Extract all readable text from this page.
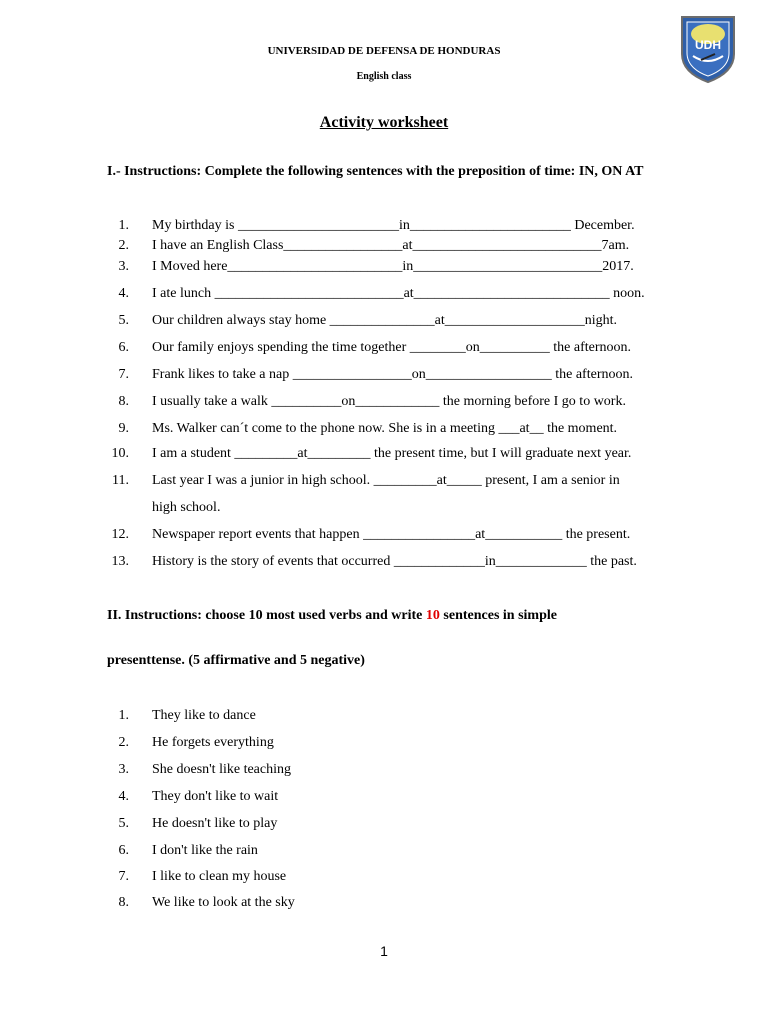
UNIVERSIDAD DE DEFENSA DE HONDURAS
English class
UDH
Activity worksheet
I.- Instructions: Complete the following sentences with the preposition of time: IN, ON AT
1. My birthday is _______________________in_______________________ December.
2. I have an English Class_________________at___________________________7am.
3. I Moved here_________________________in___________________________2017.
4. I ate lunch ___________________________at____________________________ noon.
5. Our children always stay home _______________at____________________night.
6. Our family enjoys spending the time together ________on__________ the afternoon.
7. Frank likes to take a nap _________________on__________________ the afternoon.
8. I usually take a walk __________on____________ the morning before I go to work.
9. Ms. Walker can´t come to the phone now. She is in a meeting ___at__ the moment.
10. I am a student _________at_________ the present time, but I will graduate next year.
11. Last year I was a junior in high school. _________at_____ present, I am a senior in
high school.
12. Newspaper report events that happen ________________at___________ the present.
13. History is the story of events that occurred _____________in_____________ the past.
II. Instructions: choose 10 most used verbs and write 10 sentences in simple
presenttense. (5 affirmative and 5 negative)
1. They like to dance
2. He forgets everything
3. She doesn't like teaching
4. They don't like to wait
5. He doesn't like to play
6. I don't like the rain
7. I like to clean my house
8. We like to look at the sky
1
